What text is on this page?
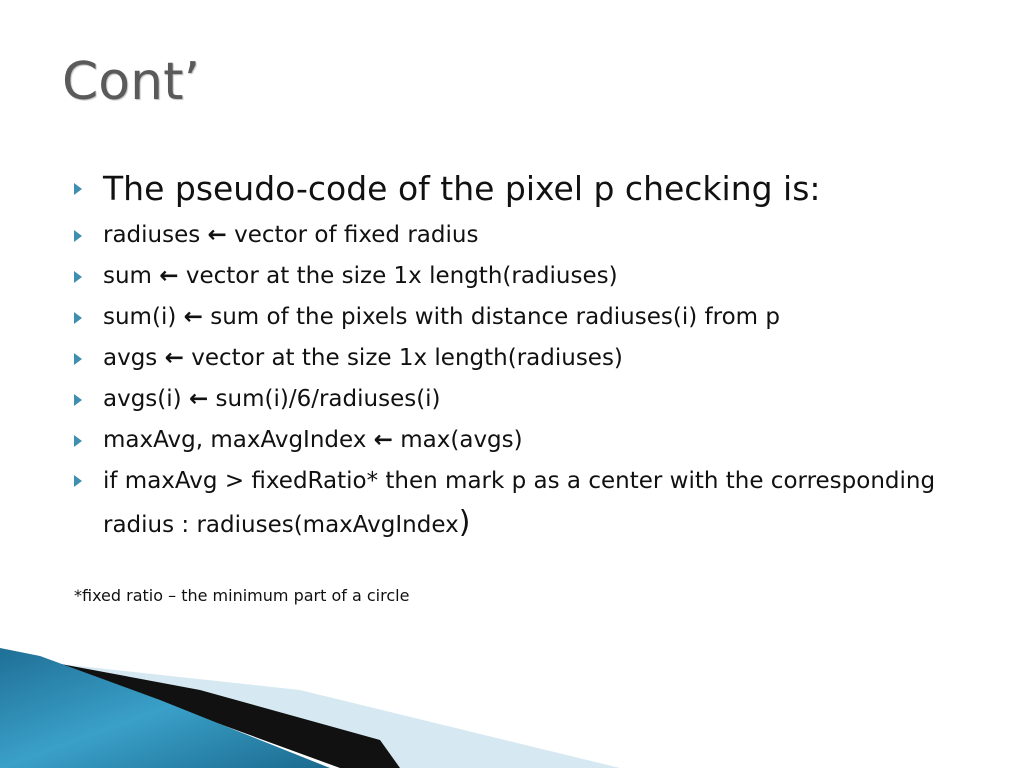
Cont’
The pseudo-code of the pixel p checking is:
radiuses ← vector of fixed radius
sum ← vector at the size 1x length(radiuses)
sum(i) ← sum of the pixels with distance radiuses(i) from p
avgs ← vector at the size 1x length(radiuses)
avgs(i) ← sum(i)/6/radiuses(i)
maxAvg, maxAvgIndex ← max(avgs)
if maxAvg > fixedRatio* then mark p as a center with the corresponding radius : radiuses(maxAvgIndex)
*fixed ratio – the minimum part of a circle
